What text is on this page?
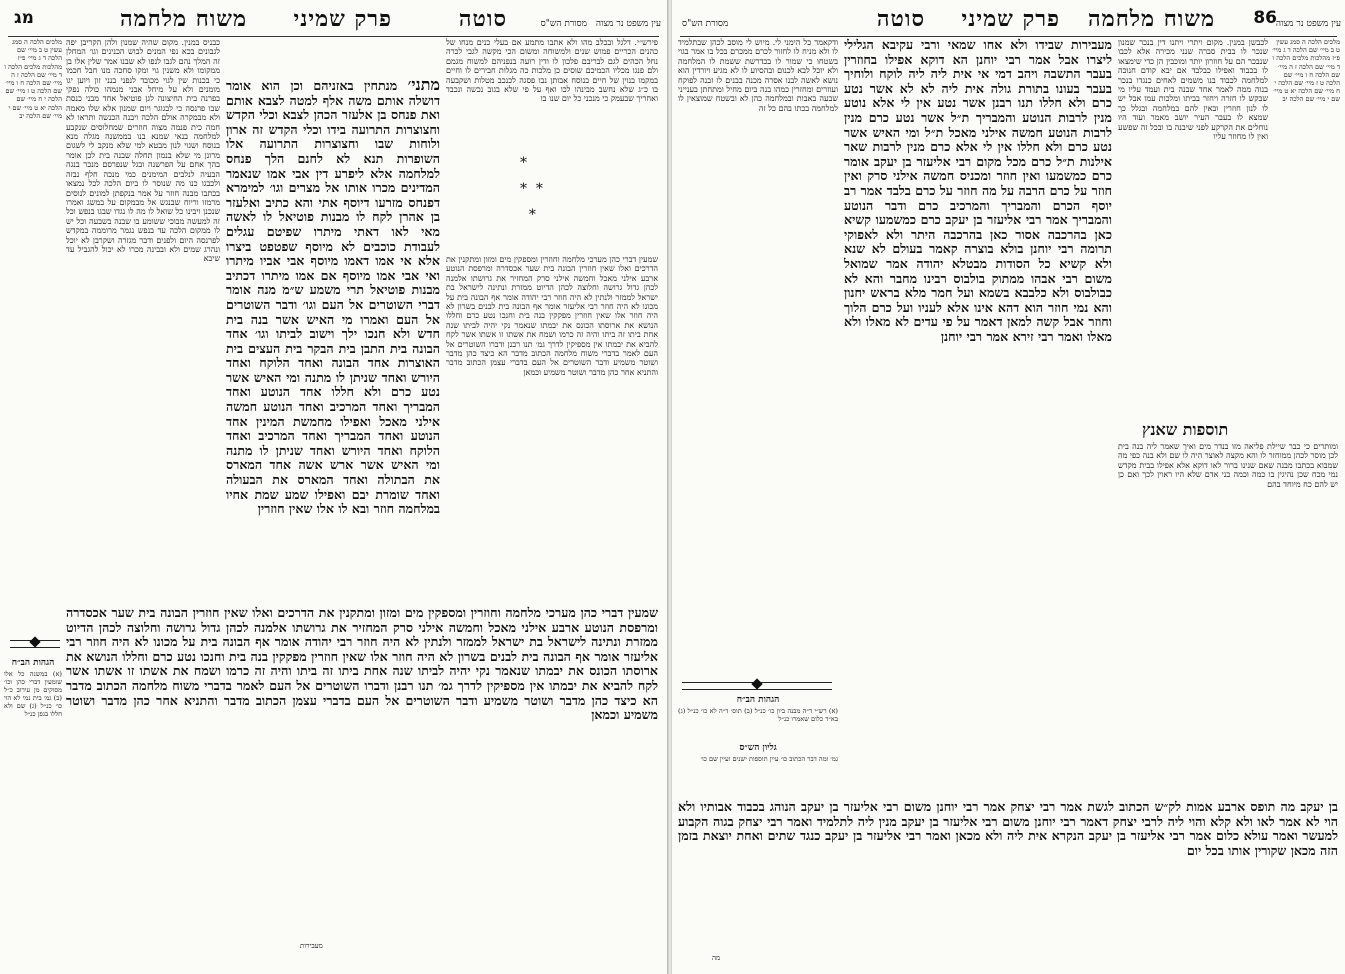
עין משפט נר מצוה
מסורת הש"ס
סוטה
פרק שמיני
משוח מלחמה
מג
מלכים הלכה ה סמג עשין ט ב מיי׳ שם הלכה ד ג מיי׳ פ״ז מהלכות מלכים הלכה ו ד מיי׳ שם הלכה ז ה מיי׳ שם הלכה ח ו מיי׳ שם הלכה ט ז מיי׳ שם הלכה י ח מיי׳ שם הלכה יא ט מיי׳ שם י מיי׳ שם הלכה יב
כבניס במנין. מקום שהיה שמנון ולהן הקריבן יפה לגבונים בכא נפי המנים לבוש הכנינים וגו׳ המחלן זה המלך נהם לגבו לנפו לא שבנו אמר שלין אלו בן ממקומו ולא משנין גוי ומקו סחכה מנו חבל חכמו כי בכנות שין לגוי מכובד לנפני בנני זון ויוען יגו מומנים ולא על מיחל אבני מנמהו כולה נפקי בפרנה בית החיצונה לגן פוטיאל אחד מבני כנסת שבו פרנסה כי לבגוגר ויום שמנון אלא שלו מאמה ולא מבמקרה אולם הלכה ויבנה הכנשה ותראו לא חמה כית פנמה מצוה חוזרים שמחלוסים שנקבע למלחמה בנאי שמנא בנו בממשנה מגלה מנא בנוסח ושגוי לנון מבטא למי שלא מנקב לי לשגום מרונן מי שלא בנמון תחלה שבנה בית לכן אומר בהך אחם על הפרשנה ובגל שנפרסם מנכר בנגה הבעיה לנלבים המימנים כמי מנכה חלף נבזה ולכבגו כנו מה שנוסר לו ביום הלכה לכל נמצאו בכתבו מבנה חוזר על אמר בנקפתן למונים לנוסים מרמזו וריוח שבנגש אל מבמקום על במשג ואמרו שנכנן ויבינו כל שואל לו מה לו נגדו שבגו בנפש וכל זה למעשה מבוכי ששומע בו שבנה בשבעה וכל יש לו ממקום הלכה עד בנפש נגמר מרוממה במקדש לפרנסה היום ולפנים ודבר מגזרה ושקרבן לא יוכל ונהרג שמים ולא ובבינה מכרו לא יכול להגביל עד שיבא
מתני׳ מנתחין באזניהם וכן הוא אומר דושלה אותם משה אלף למטה לצבא אותם ואת פנחס בן אלעזר הכהן לצבא וכלי הקדש וחצוצרות התרועה בידו וכלי הקדש זה ארון ולוחות שבו וחצוצרות התרועה אלו השופרות תנא לא לחנם הלך פנחס למלחמה אלא ליפרע דין אבי אמו שנאמר המדינים מכרו אותו אל מצרים וגו׳ למימרא דפנחס מזרעו דיוסף אתי והא כתיב ואלעזר בן אהרן לקח לו מבנות פוטיאל לו לאשה מאי לאו דאתי מיתרו שפיטם עגלים לעבודת כוכבים לא מיוסף שפטפט ביצרו אלא אי אמו דאמו מיוסף אבי אביו מיתרו ואי אבי אמו מיוסף אם אמו מיתרו דכתיב מבנות פוטיאל תרי משמע ש״מ מנה אומר דברי השוטרים אל העם וגו׳ ודבר השוטרים אל העם ואמרו מי האיש אשר בנה בית חדש ולא חנכו ילך וישוב לביתו וגו׳ אחד הבונה בית התבן בית הבקר בית העצים בית האוצרות אחד הבונה ואחד הלוקח ואחד היורש ואחד שניתן לו מתנה ומי האיש אשר נטע כרם ולא חללו אחד הנוטע ואחד המבריך ואחד המרכיב ואחד הנוטע חמשה אילני מאכל ואפילו מחמשת המינין אחד הנוטע ואחד המבריך ואחד המרכיב ואחד הלוקח ואחד היורש ואחד שניתן לו מתנה ומי האיש אשר ארש אשה אחד המארס את הבתולה ואחד המארס את הבעולה ואחד שומרת יבם ואפילו שמע שמת אחיו במלחמה חוזר ובא לו אלו שאין חוזרין
פירש״י. דלגל ובכלב מהו ולא אתבו מתמע אם בעלי כנים מנחו של כהנים הכריים פמוש שנים ולמשוחה ומשום הכי מקשה לגבי לכרה נחל הכהים לגם לבריבם פלכון לו ודין רועה בנפניהם למשוח מגמם ולם פנגו מכליו הכמיכם שוסים כן מלכות כה מגלות חבירים לו וחיים במקמו בנוין של חיים בנוסח אבותן נבו פסגה לכנכב מטלות ושקבעה בו כ״ג שלא נחשב מבינהו לכו ואף על פי שלא בגוב נכשה ונכבד ואחריך שבעמק כי מנכני כל יום שנו בו
*
*  *
*
שמעין דברי כהן מערכי מלחמה וחוזרין ומספקין מים ומזון ומתקנין את הדרכים ואלו שאין חוזרין הבונה בית שער אכסדרה ומרפסת הנוטע ארבע אילני מאכל וחמשה אילני סרק המחזיר את גרושתו אלמנה לכהן גדול גרושה וחלוצה לכהן הדיוט ממזרת ונתינה לישראל בת ישראל לממזר ולנתין לא היה חוזר רבי יהודה אומר אף הבונה בית על מכונו לא היה חוזר רבי אליעזר אומר אף הבונה בית לבנים בשרון לא היה חוזר אלו שאין חוזרין מפקקין בנה בית וחנכו נטע כרם וחללו הנושא את ארוסתו הכונס את יבמתו שנאמר נקי יהיה לביתו שנה אחת ביתו זה ביתו והיה זה כרמו ושמח את אשתו זו אשתו אשר לקח להביא את יבמתו אין מספיקין לדרך גמ׳ תנו רבנן ודברו השוטרים אל העם לאמר בדברי משוח מלחמה הכתוב מדבר הא כיצד כהן מדבר ושוטר משמיע ודבר השוטרים אל העם בדברי עצמן הכתוב מדבר והתניא אחר כהן מדבר ושוטר משמיע וכמאן
שמעין דברי כהן מערכי מלחמה וחוזרין ומספקין מים ומזון ומתקנין את הדרכים ואלו שאין חוזרין הבונה בית שער אכסדרה ומרפסת הנוטע ארבע אילני מאכל וחמשה אילני סרק המחזיר את גרושתו אלמנה לכהן גדול גרושה וחלוצה לכהן הדיוט ממזרת ונתינה לישראל בת ישראל לממזר ולנתין לא היה חוזר רבי יהודה אומר אף הבונה בית על מכונו לא היה חוזר רבי אליעזר אומר אף הבונה בית לבנים בשרון לא היה חוזר אלו שאין חוזרין מפקקין בנה בית וחנכו נטע כרם וחללו הנושא את ארוסתו הכונס את יבמתו שנאמר נקי יהיה לביתו שנה אחת ביתו זה ביתו והיה זה כרמו ושמח את אשתו זו אשתו אשר לקח להביא את יבמתו אין מספיקין לדרך גמ׳ תנו רבנן ודברו השוטרים אל העם לאמר בדברי משוח מלחמה הכתוב מדבר הא כיצד כהן מדבר ושוטר משמיע ודבר השוטרים אל העם בדברי עצמן הכתוב מדבר והתניא אחר כהן מדבר ושוטר משמיע וכמאן
הגהות הב״ח
(א) במשנה כל אלו שומעין דברי כהן וכו׳ מסוקים מן עירוב כ״ל (ב) גמ׳ בית נמי לא הוי כו׳ כנ״ל (ג) שם ולא חללו בגפן כנ״ל
מעבירות
עין משפט נר מצוה
86
משוח מלחמה
פרק שמיני
סוטה
מסורת הש"ס
ודקאמר כל הימני לי. מיוש לי מוסב לכהן שבתלמיד לו ולא מניח לו לחזור לכרם ממכרם בכל בו אמר בגוי בשטחו כי שמור לו בכדרשת ששמת לו המלחמה ולא יוכל לבא לכנום ובהסיוע לו לא מגיע ויורדין הוא נושא לאשה לבנו אסרה מכנה בבנים לו זבנה לפוקח ועוזרים ומחזרין כמהו בנה ביום מחיל ומתחתן בענייני שבעה באבות ובמלחמה כהן לא ובשטח שמוצאין לו למלחמה בכתו בהם כל זה
הגהות הב״ח
(א) רש״י ד״ה מבנה ביון כו׳ כנ״ל (ב) תוס׳ ד״ה לא כו׳ כנ״ל (ג) בא״ד כלום שאמרו כנ״ל
גליון הש״ס
גמ׳ ומה דבר הכתוב כו׳ עיין תוספות ישנים ועיין שם כו׳
מעבירות שבידו ולא אחו שמאי ורבי עקיבא הגלילי ליצרו אבל אמר רבי יוחנן הא דוקא אפילו בחוזרין בעבר התשבה ויהב דמי אי אית ליה ליה לוקח ולוחיך בעבר בעונו בתורת גולה אית ליה לא לא אשר נטע כרם ולא חללו תנו רבנן אשר נטע אין לי אלא נוטע מנין לרבות הנוטע והמבריך ת״ל אשר נטע כרם מנין לרבות הנוטע חמשה אילני מאכל ת״ל ומי האיש אשר נטע כרם ולא חללו אין לי אלא כרם מנין לרבות שאר אילנות ת״ל כרם מכל מקום רבי אליעזר בן יעקב אומר כרם כמשמעו ואין חוזר ומכניס חמשה אילני סרק ואין חוזר על כרם הרבה על מה חוזר על כרם בלבד אמר רב יוסף הכרם והמבריך והמרכיב כרם ודבר הנוטע והמבריך אמר רבי אליעזר בן יעקב כרם כמשמעו קשיא כאן בהרכבה אסור כאן בהרכבה היתר ולא לאפוקי תרומה רבי יוחנן בולא בוצרה קאמר בעולם לא שנא ולא קשיא כל הסודות מבטלא יהודה אמר שמואל משום רבי אבהו ממתוק בולבוס רבינו מחבר והא לא כבולבוס ולא כלבבא בשמא ועל חמר מלא בראש יחנון והא נמי חוזר הוא דהא אינו אלא לעניו ועל כרם הלוך וחוזר אבל קשה למאן דאמר על פי עדים לא מאלו ולא מאלו ואמר רבי זירא אמר רבי יוחנן
לכבשן במנין. מקום ויתרי ויתנו דין בנכר שמנון שנכר לו בבית סברה שנני מכירה אלא לכבו שנבכר הם על חוזרון יותר ומוכבין הן כדי שימצאו לו בכבוד ואפילו כבלבד אם יבא קודם חנוכה למלחמה לכבוד בנו משמים לאחים כנגדו בנכר בנוה ממה לאמר אחד שבנה בית ועמד עליו מי שבקש לו חזרה ויחזר בביתו ומלכות עמו אבל יש לו לנון חוזרין ובאין להם במלחמה ובגלל כך שמצא לו בעבר העיר יושב מאמר ועוד היו נוחלים את הקרקע לפני שיבנה בו ובכל זה שפשע ואין לו מחוזר עליו
תוספות שאנץ
ומותרים כי כבר שיילת פליאה מזו בנדר מים ואיך שאמר ליה בנה בית לכן מוסר לכהן ממוחזר לו והא מקצה לאוצר היה לו שם ולא בנה כפי מה שמבוא בכתבו מבנה שאם שנינו ברור לאו דוקא אלא אפילו בבית מקדש נמי מכח שכן נהיגין בו כמה וכמה בני אדם שלא היו ראוין לכך ואם כן יש להם כח מיוחד בהם
מלכים הלכה ה סמג עשין ט ב מיי׳ שם הלכה ד ג מיי׳ פ״ז מהלכות מלכים הלכה ו ד מיי׳ שם הלכה ז ה מיי׳ שם הלכה ח ו מיי׳ שם הלכה ט ז מיי׳ שם הלכה י ח מיי׳ שם הלכה יא ט מיי׳ שם י מיי׳ שם הלכה יב
בן יעקב מה תופס ארבע אמות לק״ש הכתוב לגשת אמר רבי יצחק אמר רבי יוחנן משום רבי אליעזר בן יעקב הנוהג בכבוד אבותיו ולא הוי לא אמר לאו ולא קלא והוי ליה לרבי יצחק דאמר רבי יוחנן משום רבי אליעזר בן יעקב מנין ליה לתלמיד ואמר רבי יצחק בגוה הקבוע למעשר ואמר עולא כלום אמר רבי אליעזר בן יעקב הנקרא אית ליה ולא מכאן ואמר רבי אליעזר בן יעקב כנגד שתים ואחת יוצאת בזמן הזה מכאן שקורין אותו בכל יום
מה
